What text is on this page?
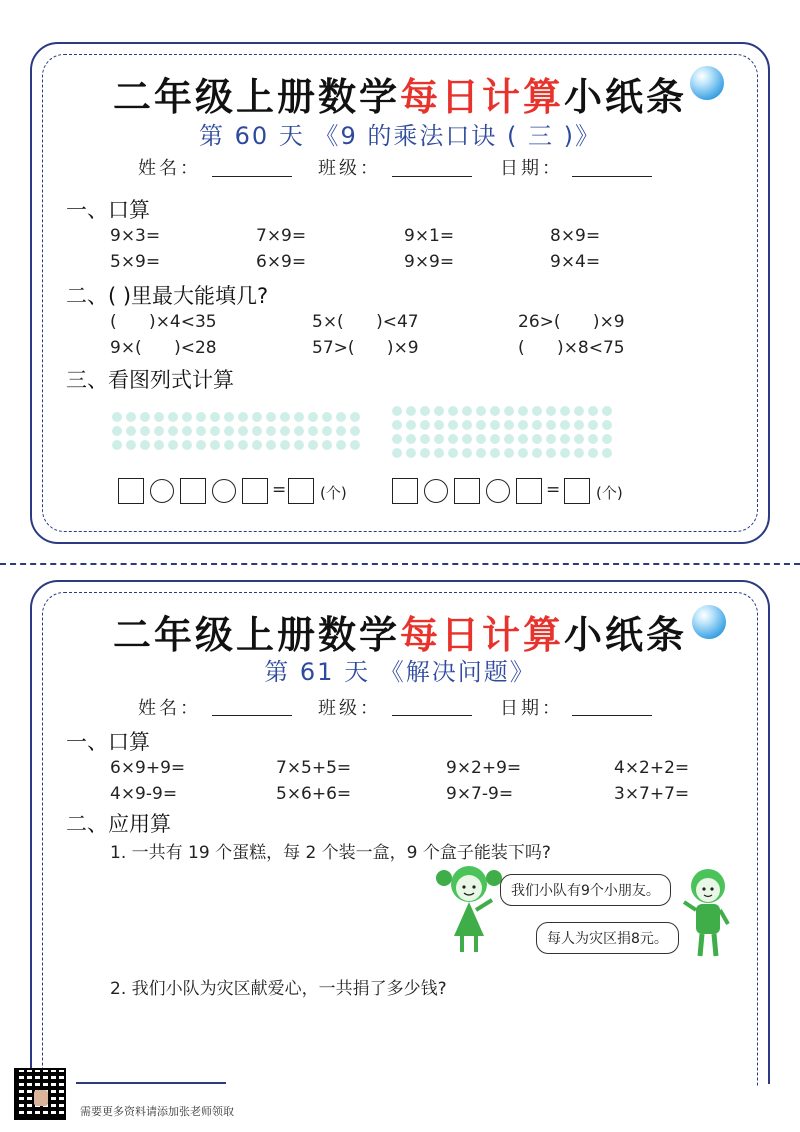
二年级上册数学每日计算小纸条
第 60 天 《9 的乘法口诀 ( 三 )》
姓名：	班级：	日期：
一、口算
9×3=	7×9=	9×1=	8×9=
5×9=	6×9=	9×9=	9×4=
二、( )里最大能填几?
(      )×4<35	5×(      )<47	26>(      )×9
9×(      )<28	57>(      )×9	(      )×8<75
三、看图列式计算
= (个)	= (个)
二年级上册数学每日计算小纸条
第 61 天 《解决问题》
姓名：	班级：	日期：
一、口算
6×9+9=	7×5+5=	9×2+9=	4×2+2=
4×9-9=	5×6+6=	9×7-9=	3×7+7=
二、应用算
1. 一共有 19 个蛋糕，每 2 个装一盒，9 个盒子能装下吗?
我们小队有9个小朋友。
每人为灾区捐8元。
2. 我们小队为灾区献爱心，一共捐了多少钱?
需要更多资料请添加张老师领取
